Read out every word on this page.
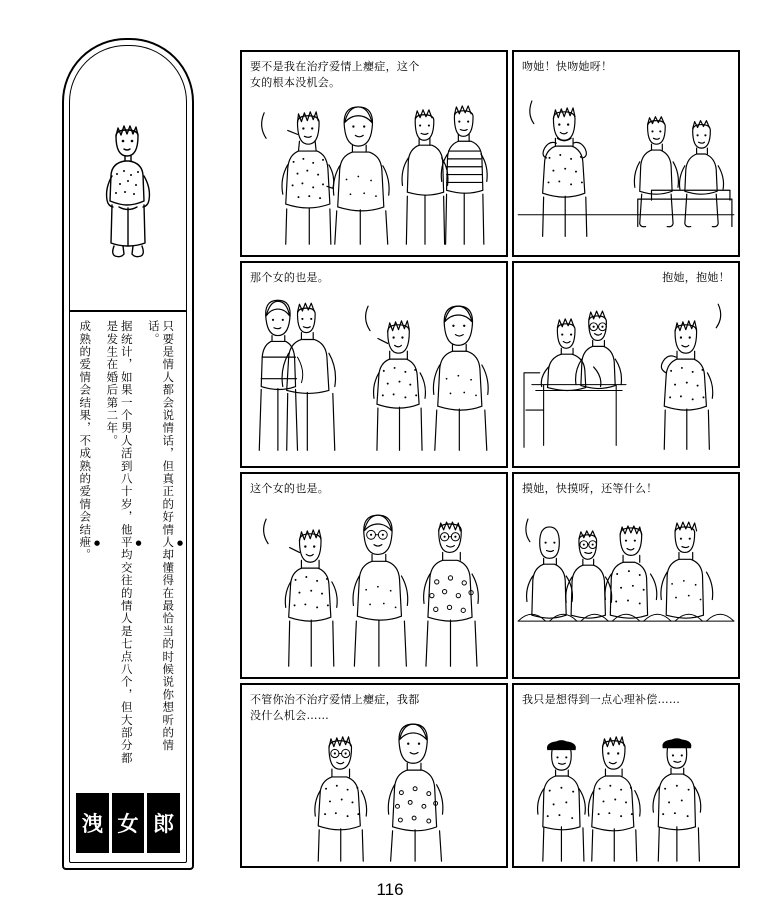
● 只要是情人都会说情话，但真正的好情人却懂得在最恰当的时候说你想听的情话。
● 据统计，如果一个男人活到八十岁，他平均交往的情人是七点八个，但大部分都是发生在婚后第二年。
● 成熟的爱情会结果，不成熟的爱情会结疶。
洩 女 郎
要不是我在治疗爱情上癭症，这个女的根本没机会。
吻她！快吻她呀！
那个女的也是。	抱她，抱她！
这个女的也是。	摸她，快摸呀，还等什么！
不管你治不治疗爱情上癭症，我都没什么机会……
我只是想得到一点心理补偿……
116
